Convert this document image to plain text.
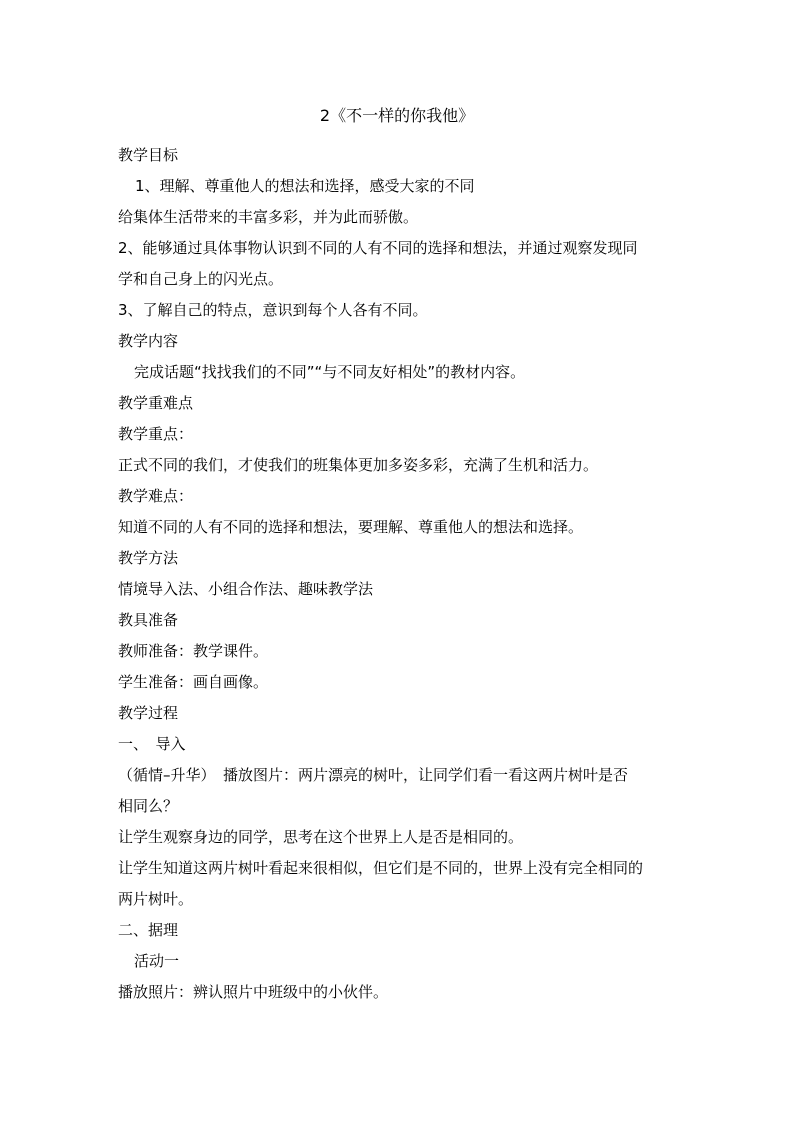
2《不一样的你我他》
教学目标
1、理解、尊重他人的想法和选择，感受大家的不同
给集体生活带来的丰富多彩，并为此而骄傲。
2、能够通过具体事物认识到不同的人有不同的选择和想法，并通过观察发现同
学和自己身上的闪光点。
3、了解自己的特点，意识到每个人各有不同。
教学内容
完成话题“找找我们的不同”“与不同友好相处”的教材内容。
教学重难点
教学重点：
正式不同的我们，才使我们的班集体更加多姿多彩，充满了生机和活力。
教学难点：
知道不同的人有不同的选择和想法，要理解、尊重他人的想法和选择。
教学方法
情境导入法、小组合作法、趣味教学法
教具准备
教师准备：教学课件。
学生准备：画自画像。
教学过程
一、　导入
（循情–升华）　播放图片：两片漂亮的树叶，让同学们看一看这两片树叶是否
相同么？
让学生观察身边的同学，思考在这个世界上人是否是相同的。
让学生知道这两片树叶看起来很相似，但它们是不同的，世界上没有完全相同的
两片树叶。
二、据理
活动一
播放照片：辨认照片中班级中的小伙伴。
